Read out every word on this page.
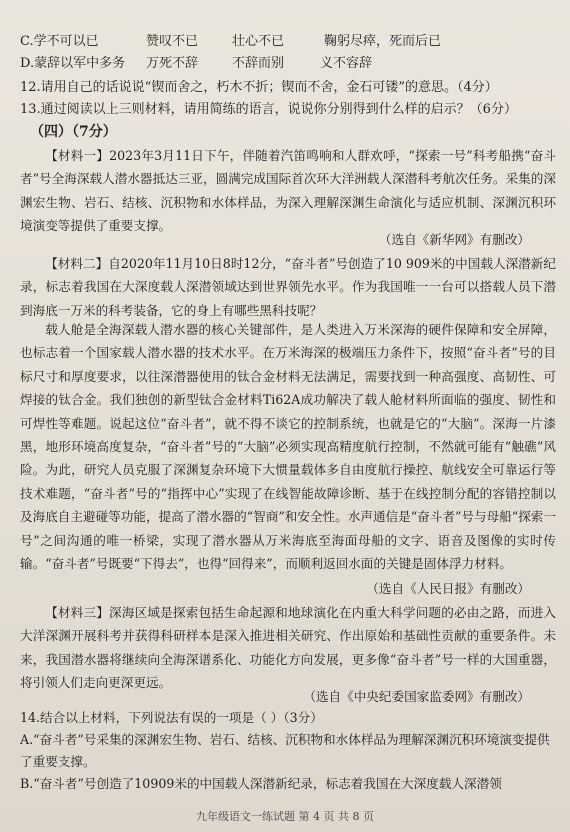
C.学不可以已	赞叹不已	壮心不已	鞠躬尽瘁，死而后已
D.蒙辞以军中多务 万死不辞	不辞而别	义不容辞
12.请用自己的话说说“锲而舍之，朽木不折；锲而不舍，金石可镂”的意思。（4分）
13.通过阅读以上三则材料，请用简练的语言，说说你分别得到什么样的启示？（6分）
（四）（7分）
【材料一】2023年3月11日下午，伴随着汽笛鸣响和人群欢呼，“探索一号”科考船携“奋斗者”号全海深载人潜水器抵达三亚，圆满完成国际首次环大洋洲载人深潜科考航次任务。采集的深渊宏生物、岩石、结核、沉积物和水体样品，为深入理解深渊生命演化与适应机制、深渊沉积环境演变等提供了重要支撑。
（选自《新华网》有删改）
【材料二】自2020年11月10日8时12分，“奋斗者”号创造了10 909米的中国载人深潜新纪录，标志着我国在大深度载人深潜领域达到世界领先水平。作为我国唯一一台可以搭载人员下潜到海底一万米的科考装备，它的身上有哪些黑科技呢？
载人舱是全海深载人潜水器的核心关键部件，是人类进入万米深海的硬件保障和安全屏障，也标志着一个国家载人潜水器的技术水平。在万米海深的极端压力条件下，按照“奋斗者”号的目标尺寸和厚度要求，以往深潜器使用的钛合金材料无法满足，需要找到一种高强度、高韧性、可焊接的钛合金。我们独创的新型钛合金材料Ti62A成功解决了载人舱材料所面临的强度、韧性和可焊性等难题。说起这位“奋斗者”，就不得不谈它的控制系统，也就是它的“大脑”。深海一片漆黑，地形环境高度复杂，“奋斗者”号的“大脑”必须实现高精度航行控制，不然就可能有“触礁”风险。为此，研究人员克服了深渊复杂环境下大惯量载体多自由度航行操控、航线安全可靠运行等技术难题，“奋斗者”号的“指挥中心”实现了在线智能故障诊断、基于在线控制分配的容错控制以及海底自主避碰等功能，提高了潜水器的“智商”和安全性。水声通信是“奋斗者”号与母船“探索一号”之间沟通的唯一桥梁，实现了潜水器从万米海底至海面母船的文字、语音及图像的实时传输。“奋斗者”号既要“下得去”，也得“回得来”，而顺利返回水面的关键是固体浮力材料。
（选自《人民日报》有删改）
【材料三】深海区域是探索包括生命起源和地球演化在内重大科学问题的必由之路，而进入大洋深渊开展科考并获得科研样本是深入推进相关研究、作出原始和基础性贡献的重要条件。未来，我国潜水器将继续向全海深谱系化、功能化方向发展，更多像“奋斗者”号一样的大国重器，将引领人们走向更深更远。
（选自《中央纪委国家监委网》有删改）
14.结合以上材料，下列说法有误的一项是（ ）（3分）
A.“奋斗者”号采集的深渊宏生物、岩石、结核、沉积物和水体样品为理解深渊沉积环境演变提供了重要支撑。
B.“奋斗者”号创造了10909米的中国载人深潜新纪录，标志着我国在大深度载人深潜领
九年级语文一练试题 第 4 页 共 8 页
